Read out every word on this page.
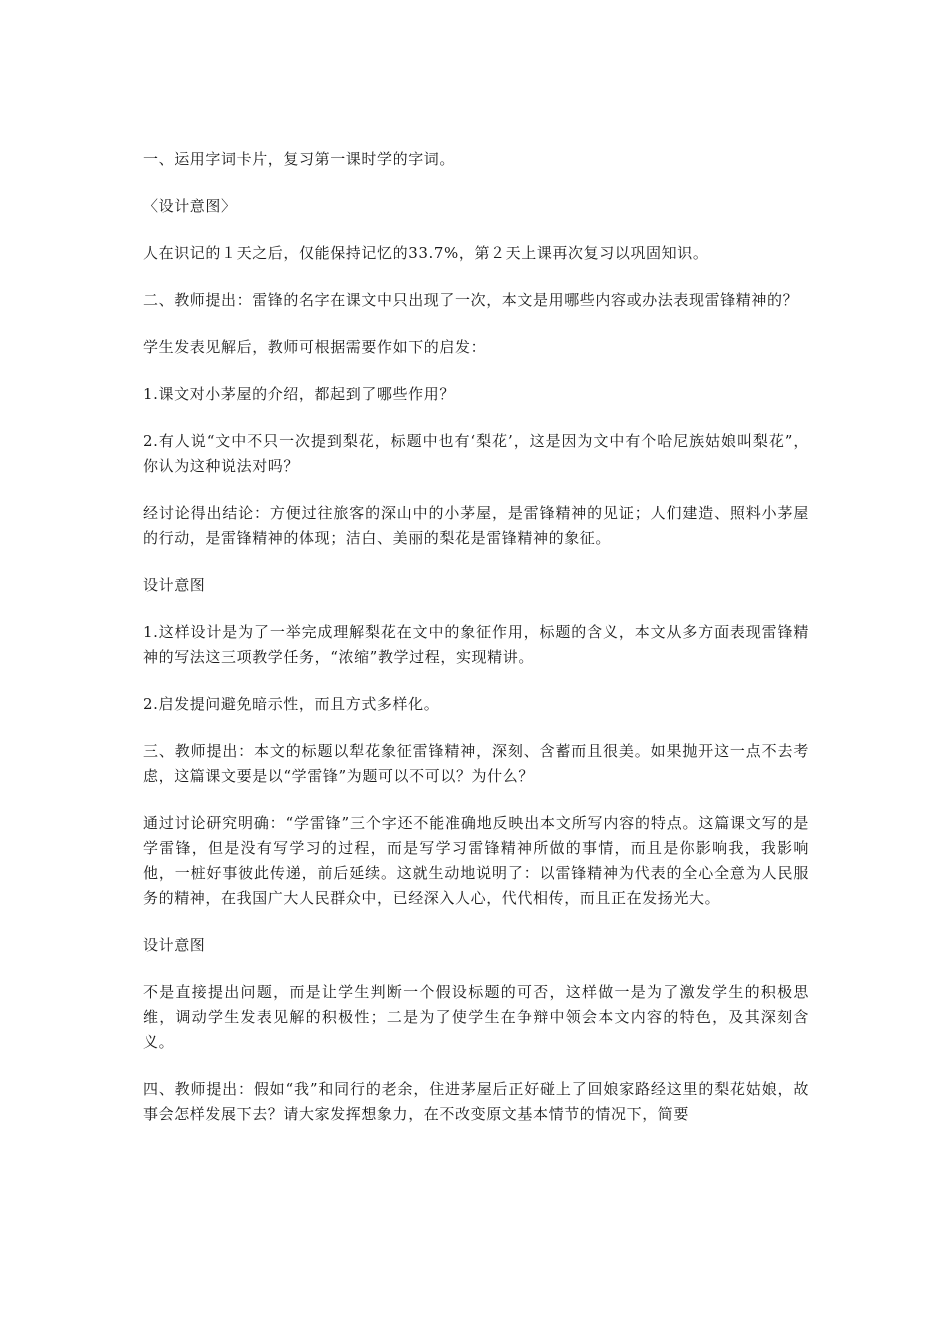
一、运用字词卡片，复习第一课时学的字词。

〈设计意图〉

人在识记的１天之后，仅能保持记忆的33.7%，第２天上课再次复习以巩固知识。

二、教师提出：雷锋的名字在课文中只出现了一次，本文是用哪些内容或办法表现雷锋精神的？

学生发表见解后，教师可根据需要作如下的启发：

1.课文对小茅屋的介绍，都起到了哪些作用？

2.有人说“文中不只一次提到梨花，标题中也有‘梨花’，这是因为文中有个哈尼族姑娘叫梨花”，你认为这种说法对吗？

经讨论得出结论：方便过往旅客的深山中的小茅屋，是雷锋精神的见证；人们建造、照料小茅屋的行动，是雷锋精神的体现；洁白、美丽的梨花是雷锋精神的象征。

设计意图

1.这样设计是为了一举完成理解梨花在文中的象征作用，标题的含义，本文从多方面表现雷锋精神的写法这三项教学任务，“浓缩”教学过程，实现精讲。

2.启发提问避免暗示性，而且方式多样化。

三、教师提出：本文的标题以犁花象征雷锋精神，深刻、含蓄而且很美。如果抛开这一点不去考虑，这篇课文要是以“学雷锋”为题可以不可以？为什么？

通过讨论研究明确：“学雷锋”三个字还不能准确地反映出本文所写内容的特点。这篇课文写的是学雷锋，但是没有写学习的过程，而是写学习雷锋精神所做的事情，而且是你影响我，我影响他，一桩好事彼此传递，前后延续。这就生动地说明了：以雷锋精神为代表的全心全意为人民服务的精神，在我国广大人民群众中，已经深入人心，代代相传，而且正在发扬光大。

设计意图

不是直接提出问题，而是让学生判断一个假设标题的可否，这样做一是为了激发学生的积极思维，调动学生发表见解的积极性；二是为了使学生在争辩中领会本文内容的特色，及其深刻含义。

四、教师提出：假如“我”和同行的老余，住进茅屋后正好碰上了回娘家路经这里的梨花姑娘，故事会怎样发展下去？请大家发挥想象力，在不改变原文基本情节的情况下，简要
